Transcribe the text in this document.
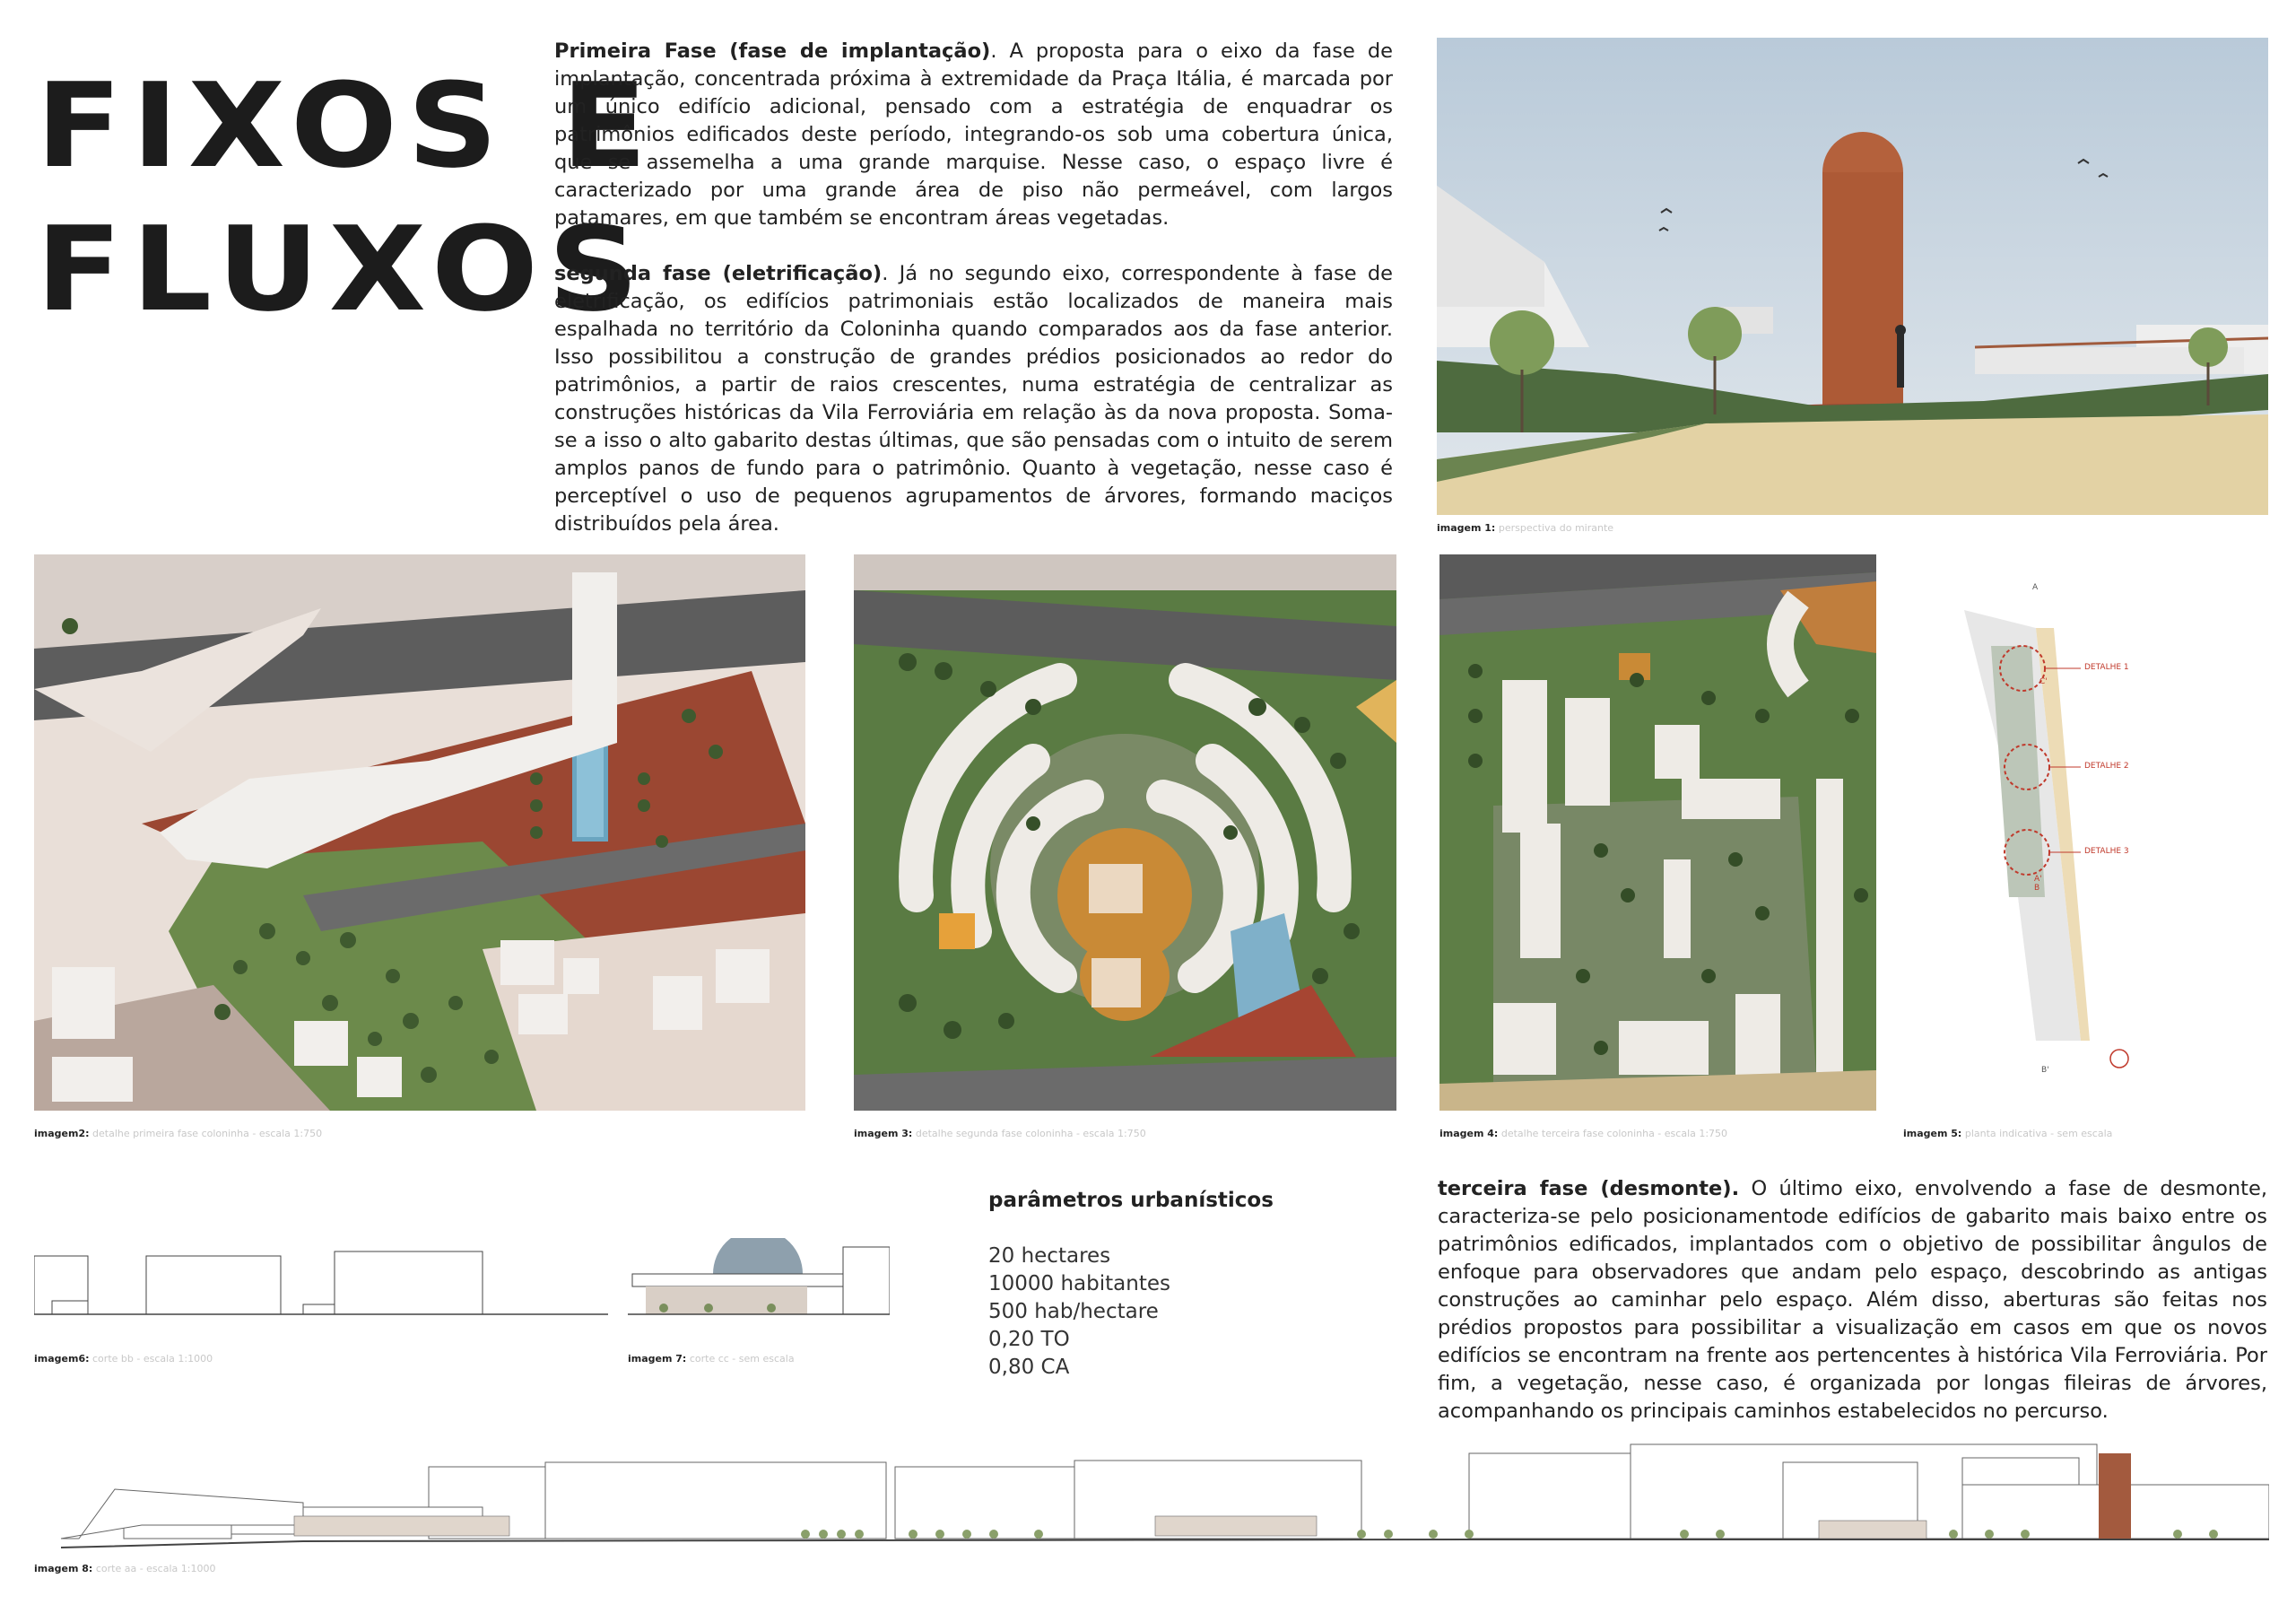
FIXOS E
FLUXOS
Primeira Fase (fase de implantação). A proposta para o eixo da fase de implantação, concentrada próxima à extremidade da Praça Itália, é marcada por um único edifício adicional, pensado com a estratégia de enquadrar os patrimônios edificados deste período, integrando-os sob uma cobertura única, que se assemelha a uma grande marquise. Nesse caso, o espaço livre é caracterizado por uma grande área de piso não permeável, com largos patamares, em que também se encontram áreas vegetadas.
segunda fase (eletrificação). Já no segundo eixo, correspondente à fase de eletrificação, os edifícios patrimoniais estão localizados de maneira mais espalhada no território da Coloninha quando comparados aos da fase anterior. Isso possibilitou a construção de grandes prédios posicionados ao redor do patrimônios, a partir de raios crescentes, numa estratégia de centralizar as construções históricas da Vila Ferroviária em relação às da nova proposta. Soma-se a isso o alto gabarito destas últimas, que são pensadas com o intuito de serem amplos panos de fundo para o patrimônio. Quanto à vegetação, nesse caso é perceptível o uso de pequenos agrupamentos de árvores, formando maciços distribuídos pela área.	imagem 1: perspectiva do mirante
imagem2: detalhe primeira fase coloninha - escala 1:750	imagem 3: detalhe segunda fase coloninha - escala 1:750	imagem 4: detalhe terceira fase coloninha - escala 1:750
A
A'
B
B'
C'
DETALHE 1
DETALHE 2
DETALHE 3
imagem 5: planta indicativa - sem escala
imagem6: corte bb - escala 1:1000	imagem 7: corte cc - sem escala
parâmetros urbanísticos
20 hectares
10000 habitantes
500 hab/hectare
0,20 TO
0,80 CA
terceira fase (desmonte). O último eixo, envolvendo a fase de desmonte, caracteriza-se pelo posicionamentode edifícios de gabarito mais baixo entre os patrimônios edificados, implantados com o objetivo de possibilitar ângulos de enfoque para observadores que andam pelo espaço, descobrindo as antigas construções ao caminhar pelo espaço. Além disso, aberturas são feitas nos prédios propostos para possibilitar a visualização em casos em que os novos edifícios se encontram na frente aos pertencentes à histórica Vila Ferroviária. Por fim, a vegetação, nesse caso, é organizada por longas fileiras de árvores, acompanhando os principais caminhos estabelecidos no percurso.
imagem 8: corte aa - escala 1:1000
